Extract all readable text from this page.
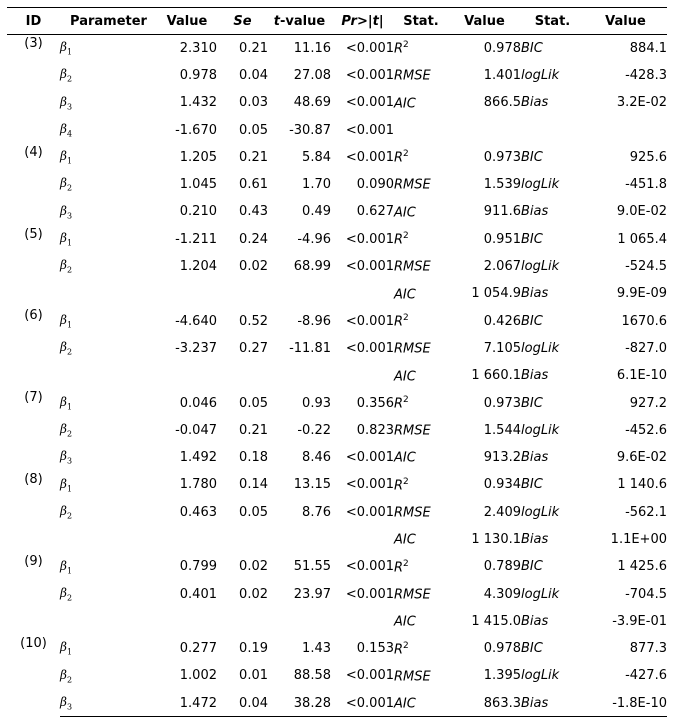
ID	Parameter	Value	Se	t-value	Pr>|t|	Stat.	Value	Stat.	Value
(3)	$\beta_1$	2.310	0.21	11.16	<0.001	$R^2$	0.978	BIC	884.1
	$\beta_2$	0.978	0.04	27.08	<0.001	RMSE	1.401	logLik	-428.3
	$\beta_3$	1.432	0.03	48.69	<0.001	AIC	866.5	Bias	3.2E-02
	$\beta_4$	-1.670	0.05	-30.87	<0.001				
(4)	$\beta_1$	1.205	0.21	5.84	<0.001	$R^2$	0.973	BIC	925.6
	$\beta_2$	1.045	0.61	1.70	0.090	RMSE	1.539	logLik	-451.8
	$\beta_3$	0.210	0.43	0.49	0.627	AIC	911.6	Bias	9.0E-02
(5)	$\beta_1$	-1.211	0.24	-4.96	<0.001	$R^2$	0.951	BIC	1 065.4
	$\beta_2$	1.204	0.02	68.99	<0.001	RMSE	2.067	logLik	-524.5
						AIC	1 054.9	Bias	9.9E-09
(6)	$\beta_1$	-4.640	0.52	-8.96	<0.001	$R^2$	0.426	BIC	1670.6
	$\beta_2$	-3.237	0.27	-11.81	<0.001	RMSE	7.105	logLik	-827.0
						AIC	1 660.1	Bias	6.1E-10
(7)	$\beta_1$	0.046	0.05	0.93	0.356	$R^2$	0.973	BIC	927.2
	$\beta_2$	-0.047	0.21	-0.22	0.823	RMSE	1.544	logLik	-452.6
	$\beta_3$	1.492	0.18	8.46	<0.001	AIC	913.2	Bias	9.6E-02
(8)	$\beta_1$	1.780	0.14	13.15	<0.001	$R^2$	0.934	BIC	1 140.6
	$\beta_2$	0.463	0.05	8.76	<0.001	RMSE	2.409	logLik	-562.1
						AIC	1 130.1	Bias	1.1E+00
(9)	$\beta_1$	0.799	0.02	51.55	<0.001	$R^2$	0.789	BIC	1 425.6
	$\beta_2$	0.401	0.02	23.97	<0.001	RMSE	4.309	logLik	-704.5
						AIC	1 415.0	Bias	-3.9E-01
(10)	$\beta_1$	0.277	0.19	1.43	0.153	$R^2$	0.978	BIC	877.3
	$\beta_2$	1.002	0.01	88.58	<0.001	RMSE	1.395	logLik	-427.6
	$\beta_3$	1.472	0.04	38.28	<0.001	AIC	863.3	Bias	-1.8E-10
